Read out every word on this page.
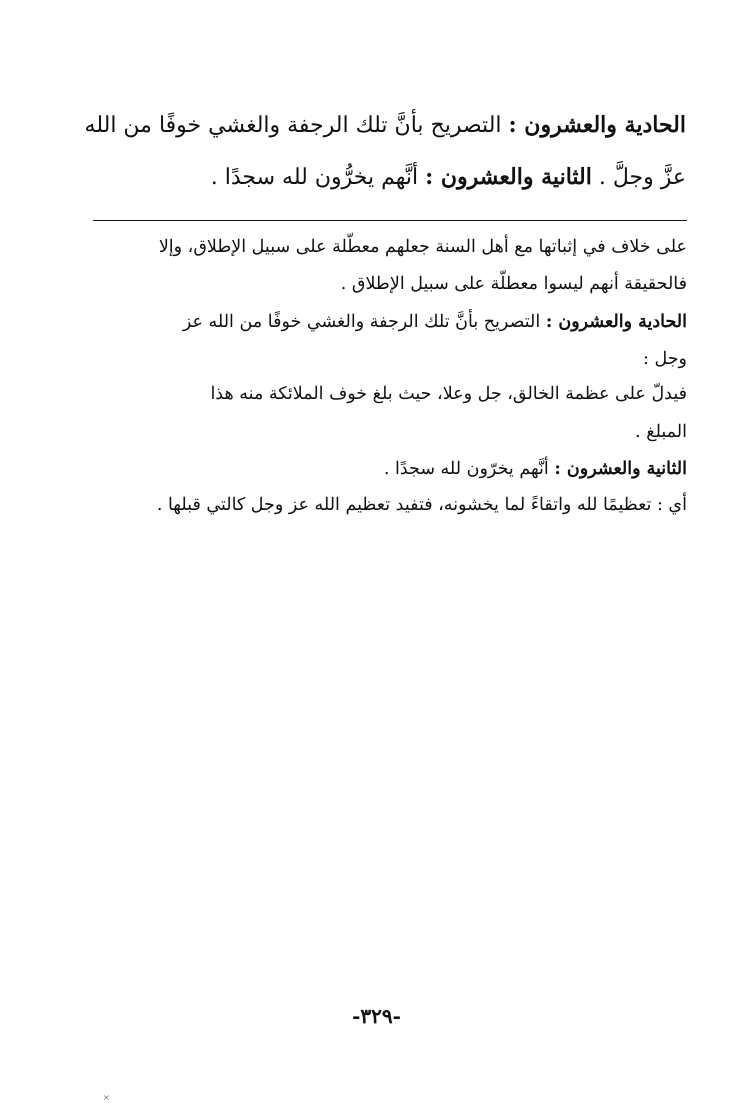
الحادية والعشرون : التصريح بأنَّ تلك الرجفة والغشي خوفًا من الله
عزَّ وجلَّ . الثانية والعشرون : أنَّهم يخرُّون لله سجدًا .
على خلاف في إثباتها مع أهل السنة جعلهم معطّلة على سبيل الإطلاق، وإلا
فالحقيقة أنهم ليسوا معطلّة على سبيل الإطلاق .
الحادية والعشرون : التصريح بأنَّ تلك الرجفة والغشي خوفًا من الله عز
وجل :
فيدلّ على عظمة الخالق، جل وعلا، حيث بلغ خوف الملائكة منه هذا
المبلغ .
الثانية والعشرون : أنَّهم يخرّون لله سجدًا .
أي : تعظيمًا لله واتقاءً لما يخشونه، فتفيد تعظيم الله عز وجل كالتي قبلها .
-٣٢٩-
×
